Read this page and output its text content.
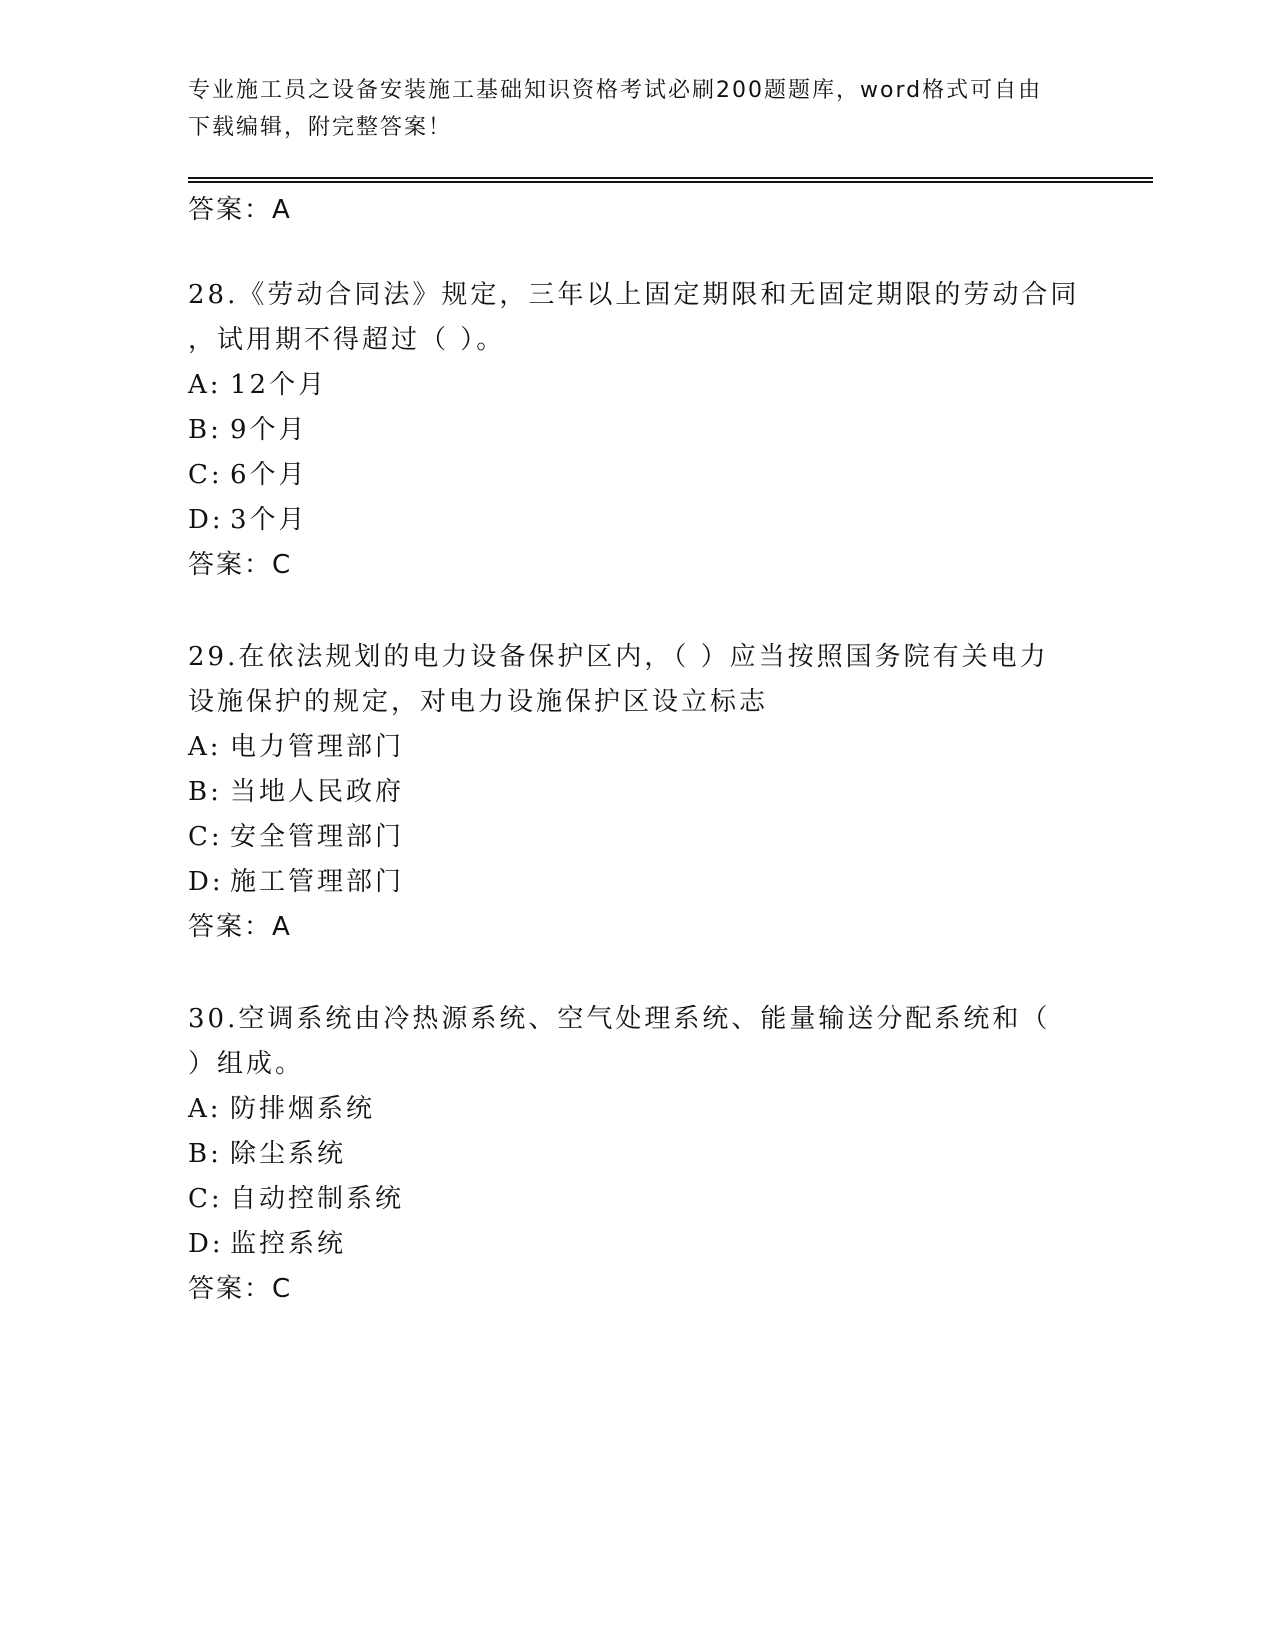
专业施工员之设备安装施工基础知识资格考试必刷200题题库，word格式可自由
下载编辑，附完整答案！
答案：A
28.《劳动合同法》规定，三年以上固定期限和无固定期限的劳动合同
，试用期不得超过（ ）。
A: 12个月
B: 9个月
C: 6个月
D: 3个月
答案：C
29.在依法规划的电力设备保护区内，（ ）应当按照国务院有关电力
设施保护的规定，对电力设施保护区设立标志
A: 电力管理部门
B: 当地人民政府
C: 安全管理部门
D: 施工管理部门
答案：A
30.空调系统由冷热源系统、空气处理系统、能量输送分配系统和（
）组成。
A: 防排烟系统
B: 除尘系统
C: 自动控制系统
D: 监控系统
答案：C
